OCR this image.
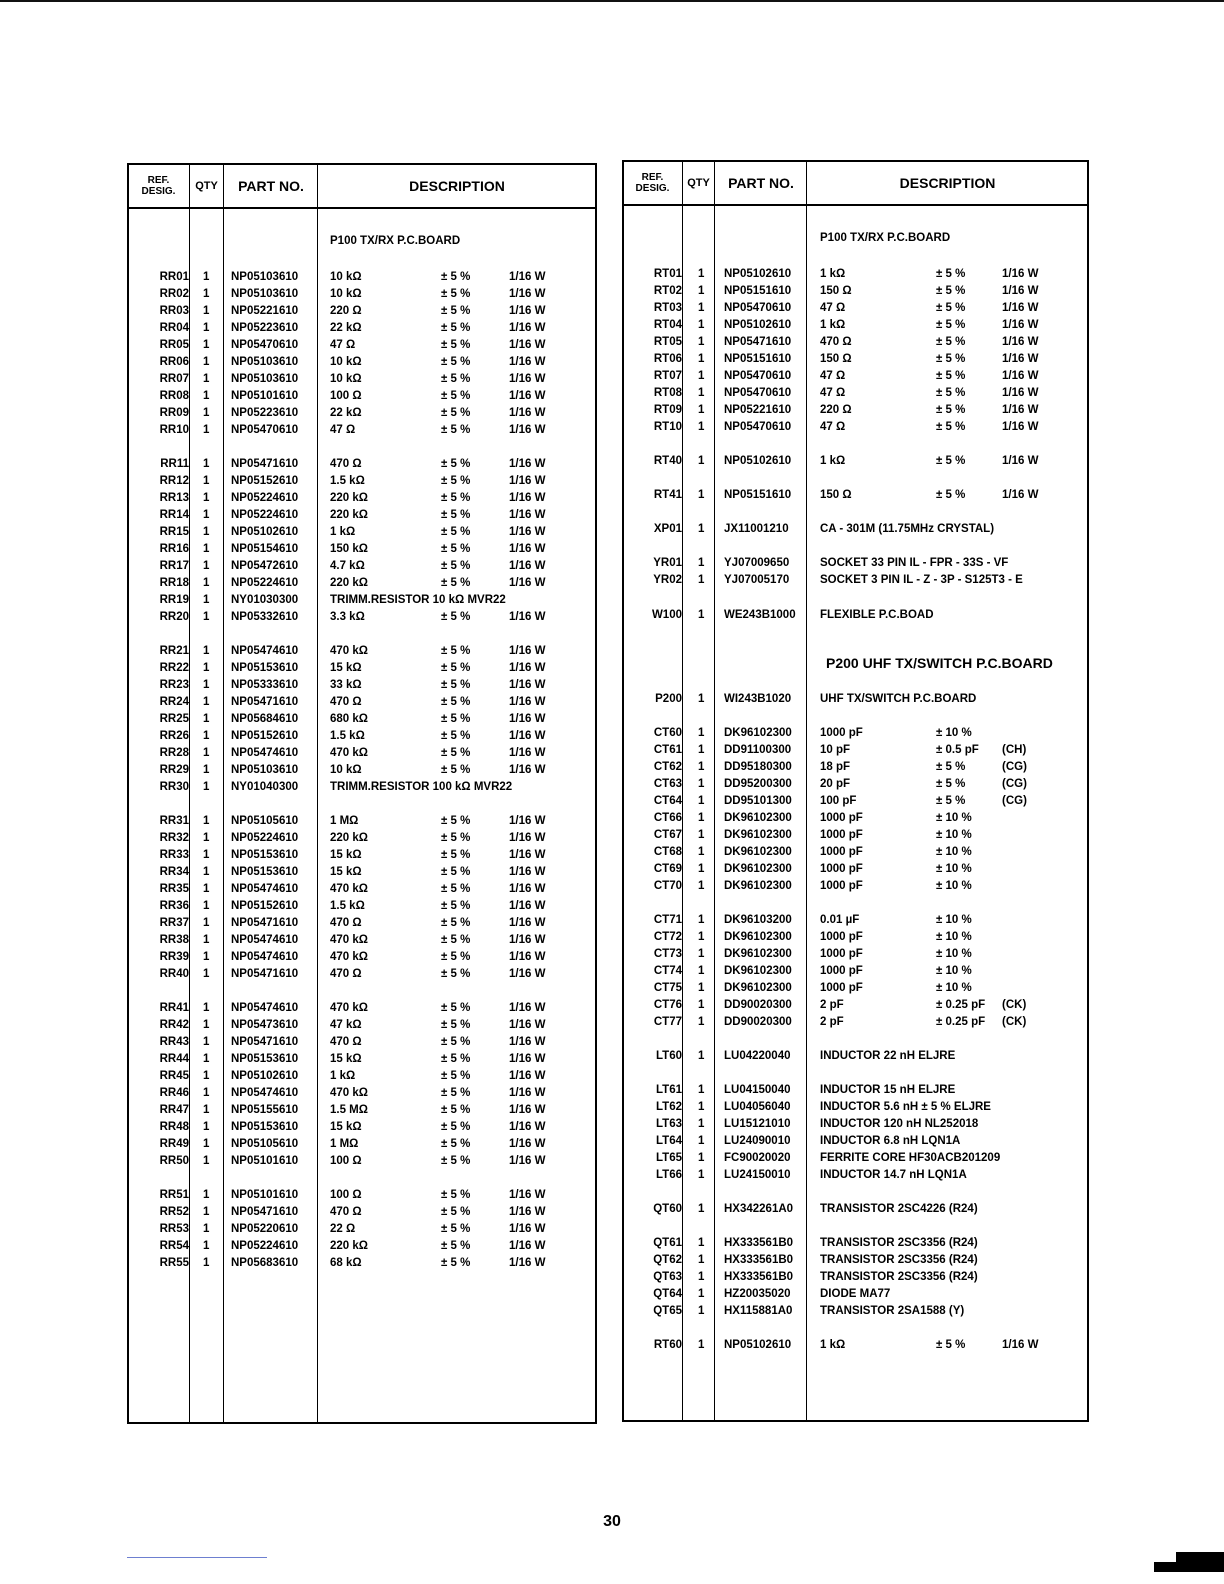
REF.
DESIG.	QTY	PART NO.	DESCRIPTION
P100 TX/RX P.C.BOARD
RR01 1 NP05103610	10 kΩ	± 5 %	1/16 W
RR02 1 NP05103610	10 kΩ	± 5 %	1/16 W
RR03 1 NP05221610	220 Ω	± 5 %	1/16 W
RR04 1 NP05223610	22 kΩ	± 5 %	1/16 W
RR05 1 NP05470610	47 Ω	± 5 %	1/16 W
RR06 1 NP05103610	10 kΩ	± 5 %	1/16 W
RR07 1 NP05103610	10 kΩ	± 5 %	1/16 W
RR08 1 NP05101610	100 Ω	± 5 %	1/16 W
RR09 1 NP05223610	22 kΩ	± 5 %	1/16 W
RR10 1 NP05470610	47 Ω	± 5 %	1/16 W
RR11 1 NP05471610	470 Ω	± 5 %	1/16 W
RR12 1 NP05152610	1.5 kΩ	± 5 %	1/16 W
RR13 1 NP05224610	220 kΩ	± 5 %	1/16 W
RR14 1 NP05224610	220 kΩ	± 5 %	1/16 W
RR15 1 NP05102610	1 kΩ	± 5 %	1/16 W
RR16 1 NP05154610	150 kΩ	± 5 %	1/16 W
RR17 1 NP05472610	4.7 kΩ	± 5 %	1/16 W
RR18 1 NP05224610	220 kΩ	± 5 %	1/16 W
RR19 1 NY01030300	TRIMM.RESISTOR 10 kΩ MVR22
RR20 1 NP05332610	3.3 kΩ	± 5 %	1/16 W
RR21 1 NP05474610	470 kΩ	± 5 %	1/16 W
RR22 1 NP05153610	15 kΩ	± 5 %	1/16 W
RR23 1 NP05333610	33 kΩ	± 5 %	1/16 W
RR24 1 NP05471610	470 Ω	± 5 %	1/16 W
RR25 1 NP05684610	680 kΩ	± 5 %	1/16 W
RR26 1 NP05152610	1.5 kΩ	± 5 %	1/16 W
RR28 1 NP05474610	470 kΩ	± 5 %	1/16 W
RR29 1 NP05103610	10 kΩ	± 5 %	1/16 W
RR30 1 NY01040300	TRIMM.RESISTOR 100 kΩ MVR22
RR31 1 NP05105610	1 MΩ	± 5 %	1/16 W
RR32 1 NP05224610	220 kΩ	± 5 %	1/16 W
RR33 1 NP05153610	15 kΩ	± 5 %	1/16 W
RR34 1 NP05153610	15 kΩ	± 5 %	1/16 W
RR35 1 NP05474610	470 kΩ	± 5 %	1/16 W
RR36 1 NP05152610	1.5 kΩ	± 5 %	1/16 W
RR37 1 NP05471610	470 Ω	± 5 %	1/16 W
RR38 1 NP05474610	470 kΩ	± 5 %	1/16 W
RR39 1 NP05474610	470 kΩ	± 5 %	1/16 W
RR40 1 NP05471610	470 Ω	± 5 %	1/16 W
RR41 1 NP05474610	470 kΩ	± 5 %	1/16 W
RR42 1 NP05473610	47 kΩ	± 5 %	1/16 W
RR43 1 NP05471610	470 Ω	± 5 %	1/16 W
RR44 1 NP05153610	15 kΩ	± 5 %	1/16 W
RR45 1 NP05102610	1 kΩ	± 5 %	1/16 W
RR46 1 NP05474610	470 kΩ	± 5 %	1/16 W
RR47 1 NP05155610	1.5 MΩ	± 5 %	1/16 W
RR48 1 NP05153610	15 kΩ	± 5 %	1/16 W
RR49 1 NP05105610	1 MΩ	± 5 %	1/16 W
RR50 1 NP05101610	100 Ω	± 5 %	1/16 W
RR51 1 NP05101610	100 Ω	± 5 %	1/16 W
RR52 1 NP05471610	470 Ω	± 5 %	1/16 W
RR53 1 NP05220610	22 Ω	± 5 %	1/16 W
RR54 1 NP05224610	220 kΩ	± 5 %	1/16 W
RR55 1 NP05683610	68 kΩ	± 5 %	1/16 W
REF.
DESIG.	QTY	PART NO.	DESCRIPTION
P100 TX/RX P.C.BOARD
P200 UHF TX/SWITCH P.C.BOARD
RT01 1 NP05102610	1 kΩ	± 5 %	1/16 W
RT02 1 NP05151610	150 Ω	± 5 %	1/16 W
RT03 1 NP05470610	47 Ω	± 5 %	1/16 W
RT04 1 NP05102610	1 kΩ	± 5 %	1/16 W
RT05 1 NP05471610	470 Ω	± 5 %	1/16 W
RT06 1 NP05151610	150 Ω	± 5 %	1/16 W
RT07 1 NP05470610	47 Ω	± 5 %	1/16 W
RT08 1 NP05470610	47 Ω	± 5 %	1/16 W
RT09 1 NP05221610	220 Ω	± 5 %	1/16 W
RT10 1 NP05470610	47 Ω	± 5 %	1/16 W
RT40 1 NP05102610	1 kΩ	± 5 %	1/16 W
RT41 1 NP05151610	150 Ω	± 5 %	1/16 W
XP01 1 JX11001210	CA - 301M (11.75MHz CRYSTAL)
YR01 1 YJ07009650	SOCKET 33 PIN IL - FPR - 33S - VF
YR02 1 YJ07005170	SOCKET 3 PIN IL - Z - 3P - S125T3 - E
W100 1 WE243B1000 FLEXIBLE P.C.BOAD
P200 1 WI243B1020	UHF TX/SWITCH P.C.BOARD
CT60 1 DK96102300 1000 pF	± 10 %
CT61 1 DD91100300	10 pF	± 0.5 pF (CH)
CT62 1 DD95180300 18 pF	± 5 %	(CG)
CT63 1 DD95200300 20 pF	± 5 %	(CG)
CT64 1 DD95101300 100 pF	± 5 %	(CG)
CT66 1 DK96102300 1000 pF	± 10 %
CT67 1 DK96102300 1000 pF	± 10 %
CT68 1 DK96102300 1000 pF	± 10 %
CT69 1 DK96102300 1000 pF	± 10 %
CT70 1 DK96102300 1000 pF	± 10 %
CT71 1 DK96103200 0.01 µF	± 10 %
CT72 1 DK96102300 1000 pF	± 10 %
CT73 1 DK96102300 1000 pF	± 10 %
CT74 1 DK96102300 1000 pF	± 10 %
CT75 1 DK96102300 1000 pF	± 10 %
CT76 1 DD90020300 2 pF	± 0.25 pF (CK)
CT77 1 DD90020300 2 pF	± 0.25 pF (CK)
LT60 1 LU04220040	INDUCTOR 22 nH ELJRE
LT61 1 LU04150040	INDUCTOR 15 nH ELJRE
LT62 1 LU04056040	INDUCTOR 5.6 nH ± 5 % ELJRE
LT63 1 LU15121010	INDUCTOR 120 nH NL252018
LT64 1 LU24090010	INDUCTOR 6.8 nH LQN1A
LT65 1 FC90020020	FERRITE CORE HF30ACB201209
LT66 1 LU24150010	INDUCTOR 14.7 nH LQN1A
QT60 1 HX342261A0 TRANSISTOR 2SC4226 (R24)
QT61 1 HX333561B0 TRANSISTOR 2SC3356 (R24)
QT62 1 HX333561B0 TRANSISTOR 2SC3356 (R24)
QT63 1 HX333561B0 TRANSISTOR 2SC3356 (R24)
QT64 1 HZ20035020	DIODE MA77
QT65 1 HX115881A0 TRANSISTOR 2SA1588 (Y)
RT60 1 NP05102610	1 kΩ	± 5 %	1/16 W
30
